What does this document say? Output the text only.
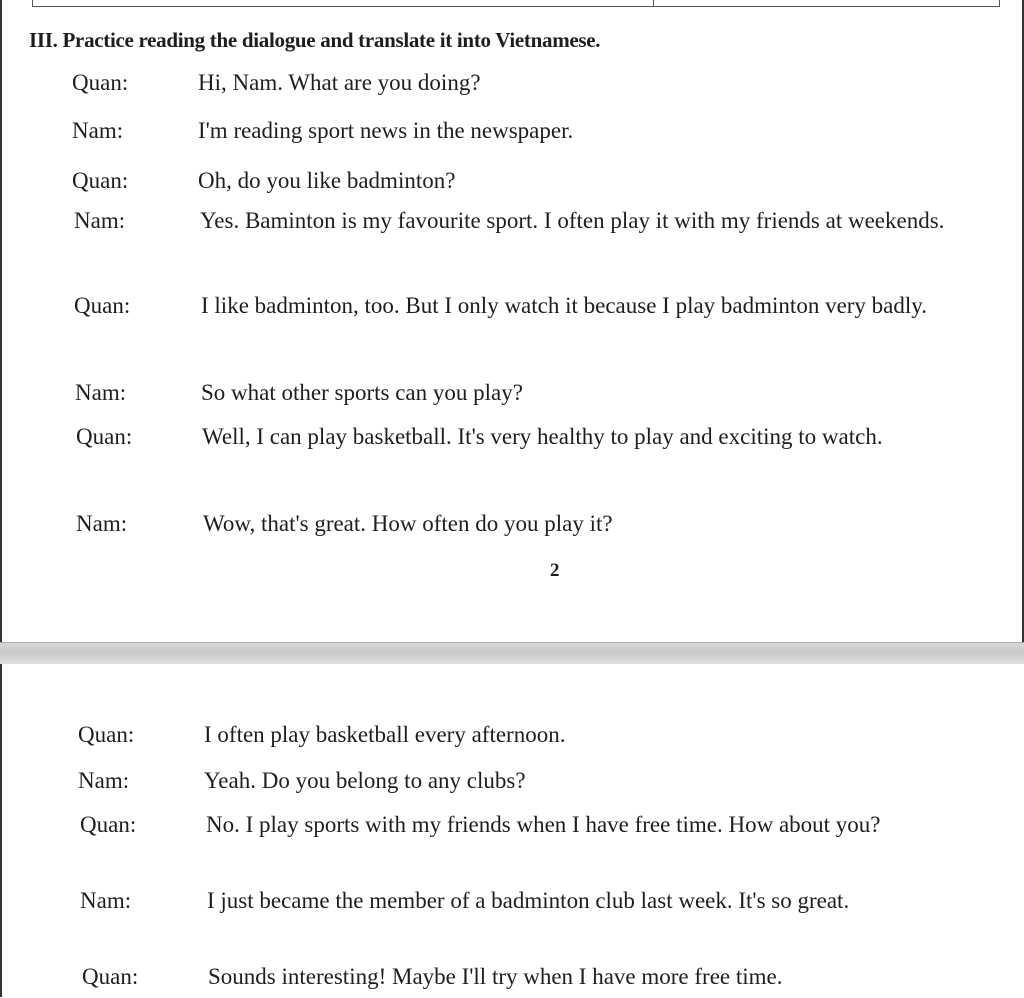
III. Practice reading the dialogue and translate it into Vietnamese.
Quan:	Hi, Nam. What are you doing?
Nam:	I'm reading sport news in the newspaper.
Quan:	Oh, do you like badminton?
Nam:	Yes. Baminton is my favourite sport. I often play it with my friends at weekends.
Quan:	I like badminton, too. But I only watch it because I play badminton very badly.
Nam:	So what other sports can you play?
Quan:	Well, I can play basketball. It's very healthy to play and exciting to watch.
Nam:	Wow, that's great. How often do you play it?
2
Quan:	I often play basketball every afternoon.
Nam:	Yeah. Do you belong to any clubs?
Quan:	No. I play sports with my friends when I have free time. How about you?
Nam:	I just became the member of a badminton club last week. It's so great.
Quan:	Sounds interesting! Maybe I'll try when I have more free time.
